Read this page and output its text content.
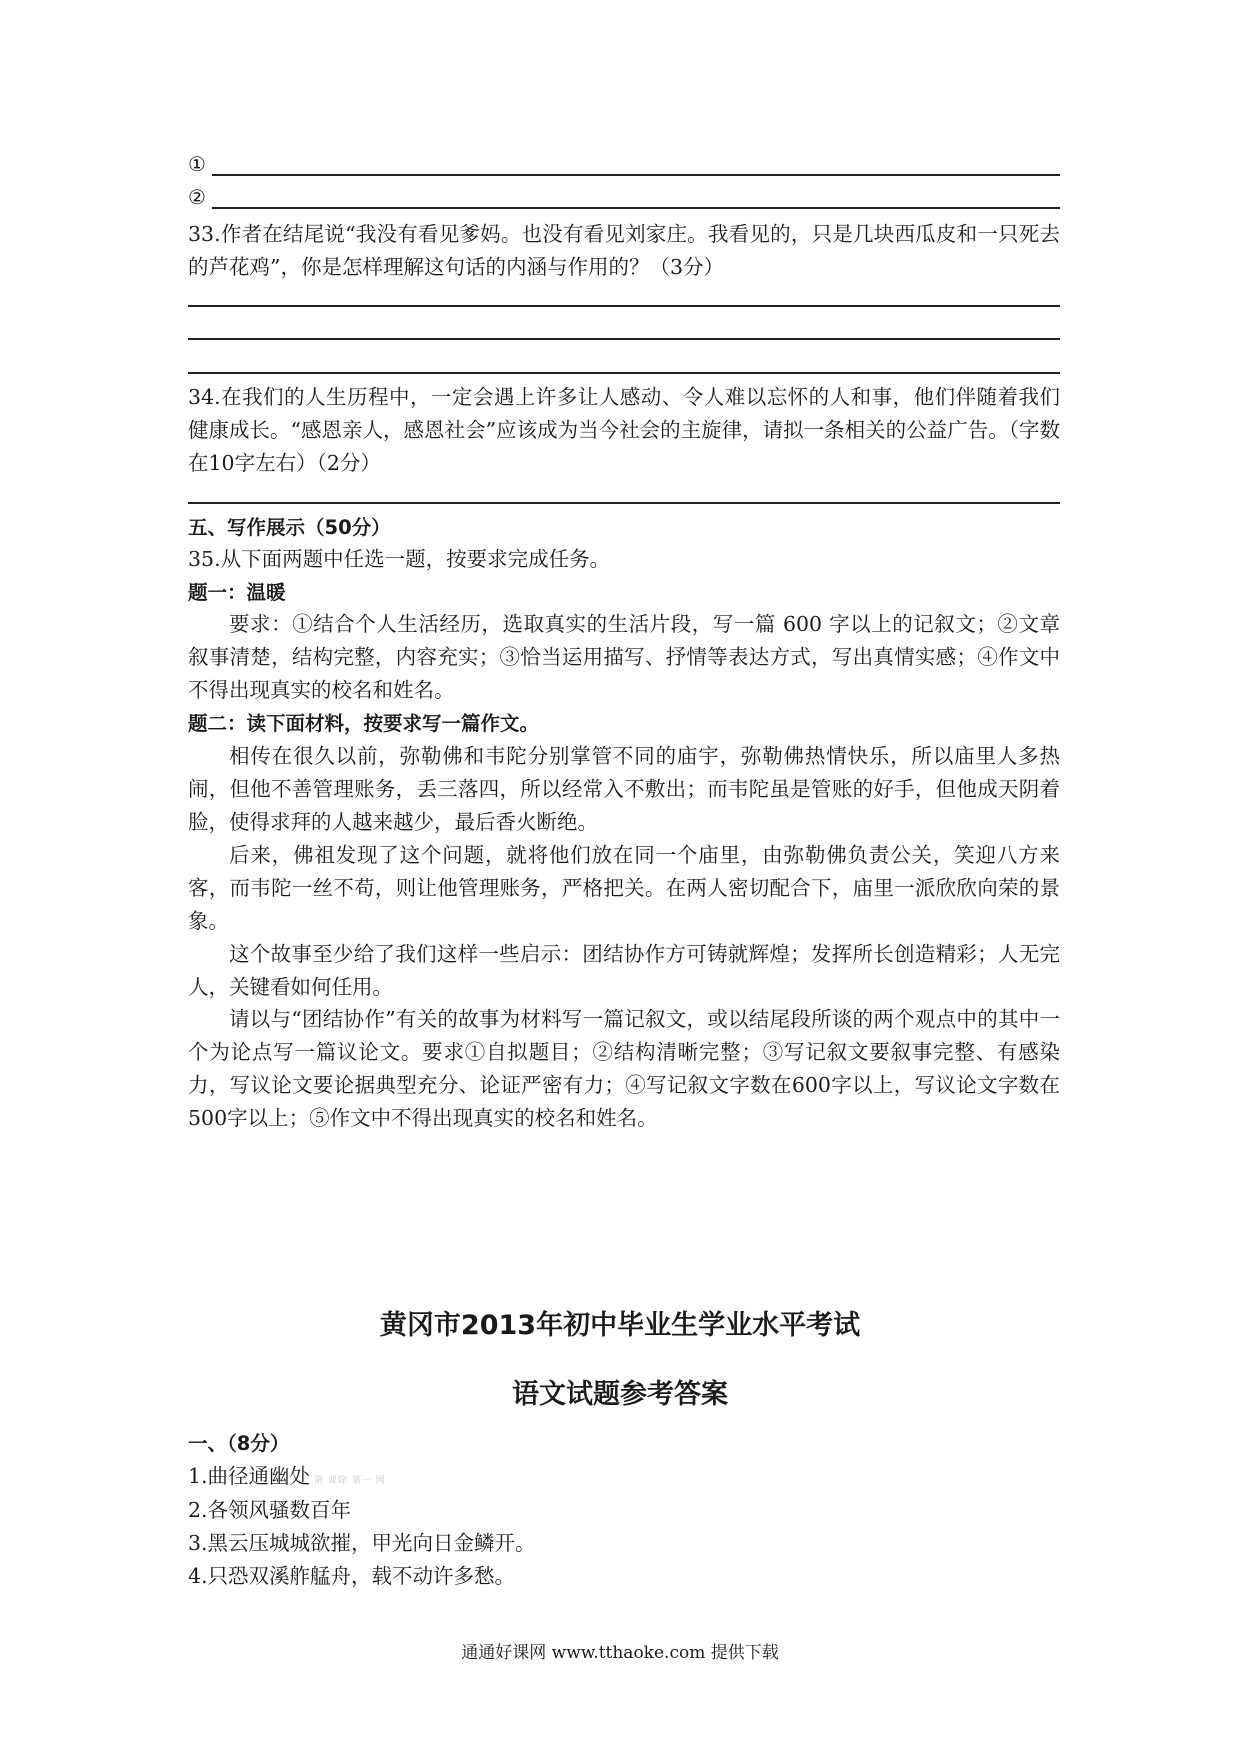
①
②

33.作者在结尾说“我没有看见爹妈。也没有看见刘家庄。我看见的，只是几块西瓜皮和一只死去的芦花鸡”，你是怎样理解这句话的内涵与作用的？（3分）

34.在我们的人生历程中，一定会遇上许多让人感动、令人难以忘怀的人和事，他们伴随着我们健康成长。“感恩亲人，感恩社会”应该成为当今社会的主旋律，请拟一条相关的公益广告。（字数在10字左右）（2分）

五、写作展示（50分）

35.从下面两题中任选一题，按要求完成任务。

题一：温暖

要求：①结合个人生活经历，选取真实的生活片段，写一篇 600 字以上的记叙文；②文章叙事清楚，结构完整，内容充实；③恰当运用描写、抒情等表达方式，写出真情实感；④作文中不得出现真实的校名和姓名。

题二：读下面材料，按要求写一篇作文。

相传在很久以前，弥勒佛和韦陀分别掌管不同的庙宇，弥勒佛热情快乐，所以庙里人多热闹，但他不善管理账务，丢三落四，所以经常入不敷出；而韦陀虽是管账的好手，但他成天阴着脸，使得求拜的人越来越少，最后香火断绝。

后来，佛祖发现了这个问题，就将他们放在同一个庙里，由弥勒佛负责公关，笑迎八方来客，而韦陀一丝不苟，则让他管理账务，严格把关。在两人密切配合下，庙里一派欣欣向荣的景象。

这个故事至少给了我们这样一些启示：团结协作方可铸就辉煌；发挥所长创造精彩；人无完人，关键看如何任用。

请以与“团结协作”有关的故事为材料写一篇记叙文，或以结尾段所谈的两个观点中的其中一个为论点写一篇议论文。要求①自拟题目；②结构清晰完整；③写记叙文要叙事完整、有感染力，写议论文要论据典型充分、论证严密有力；④写记叙文字数在600字以上，写议论文字数在500字以上；⑤作文中不得出现真实的校名和姓名。

黄冈市2013年初中毕业生学业水平考试
语文试题参考答案

一、（8分）

1.曲径通幽处 第 课除 第一 网

2.各领风骚数百年

3.黑云压城城欲摧，甲光向日金鳞开。

4.只恐双溪舴艋舟，载不动许多愁。

通通好课网 www.tthaoke.com 提供下载
